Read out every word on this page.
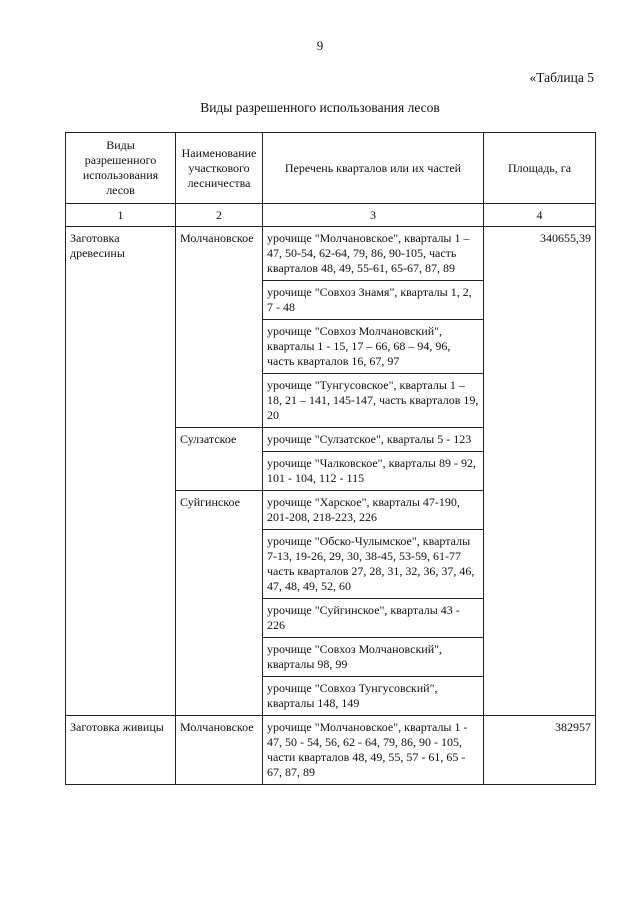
9
«Таблица 5
Виды разрешенного использования лесов
Виды разрешенного использования лесов	Наименование участкового лесничества	Перечень кварталов или их частей	Площадь, га
1	2	3	4
Заготовка древесины	Молчановское	урочище "Молчановское", кварталы 1 – 47, 50-54, 62-64, 79, 86, 90-105, часть кварталов 48, 49, 55-61, 65-67, 87, 89	340655,39
		урочище "Совхоз Знамя", кварталы 1, 2, 7 - 48	
		урочище "Совхоз Молчановский", кварталы 1 - 15, 17 – 66, 68 – 94, 96, часть кварталов 16, 67, 97	
		урочище "Тунгусовское", кварталы 1 – 18, 21 – 141, 145-147, часть кварталов 19, 20	
	Сулзатское	урочище "Сулзатское", кварталы 5 - 123	
		урочище "Чалковское", кварталы 89 - 92, 101 - 104, 112 - 115	
	Суйгинское	урочище "Харское", кварталы 47-190, 201-208, 218-223, 226	
		урочище "Обско-Чулымское", кварталы 7-13, 19-26, 29, 30, 38-45, 53-59, 61-77
часть кварталов 27, 28, 31, 32, 36, 37, 46, 47, 48, 49, 52, 60	
		урочище "Суйгинское", кварталы 43 - 226	
		урочище "Совхоз Молчановский", кварталы 98, 99	
		урочище "Совхоз Тунгусовский", кварталы 148, 149	
Заготовка живицы	Молчановское	урочище "Молчановское", кварталы 1 - 47, 50 - 54, 56, 62 - 64, 79, 86, 90 - 105, части кварталов 48, 49, 55, 57 - 61, 65 - 67, 87, 89	382957
